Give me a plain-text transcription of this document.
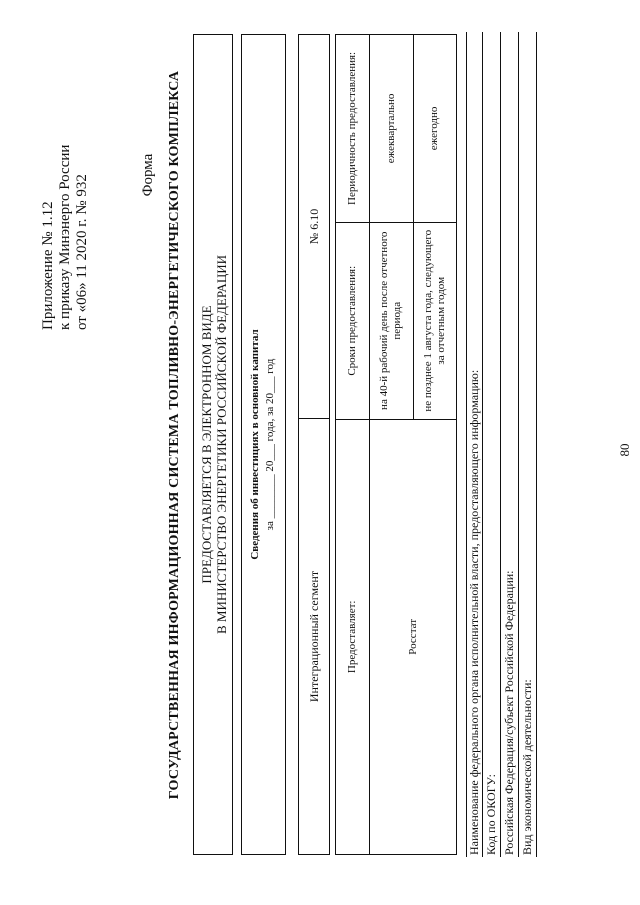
80
Приложение № 1.12 к приказу Минэнерго России от «06» 11 2020 г. № 932	Форма ГОСУДАРСТВЕННАЯ ИНФОРМАЦИОННАЯ СИСТЕМА ТОПЛИВНО-ЭНЕРГЕТИЧЕСКОГО КОМПЛЕКСА ПРЕДОСТАВЛЯЕТСЯ В ЭЛЕКТРОННОМ ВИДЕ В МИНИСТЕРСТВО ЭНЕРГЕТИКИ РОССИЙСКОЙ ФЕДЕРАЦИИ Сведения об инвестициях в основной капитал за ________ 20___ года, за 20___ год
Интеграционный сегмент
№ 6.10
Предоставляет:	Сроки предоставления:	Периодичность предоставления:
Росстат	на 40-й рабочий день после отчетного периода	ежеквартально
	не позднее 1 августа года, следующего за отчетным годом	ежегодно
Наименование федерального органа исполнительной власти, предоставляющего информацию: Код по ОКОГУ: Российская Федерация/субъект Российской Федерации: Вид экономической деятельности:
